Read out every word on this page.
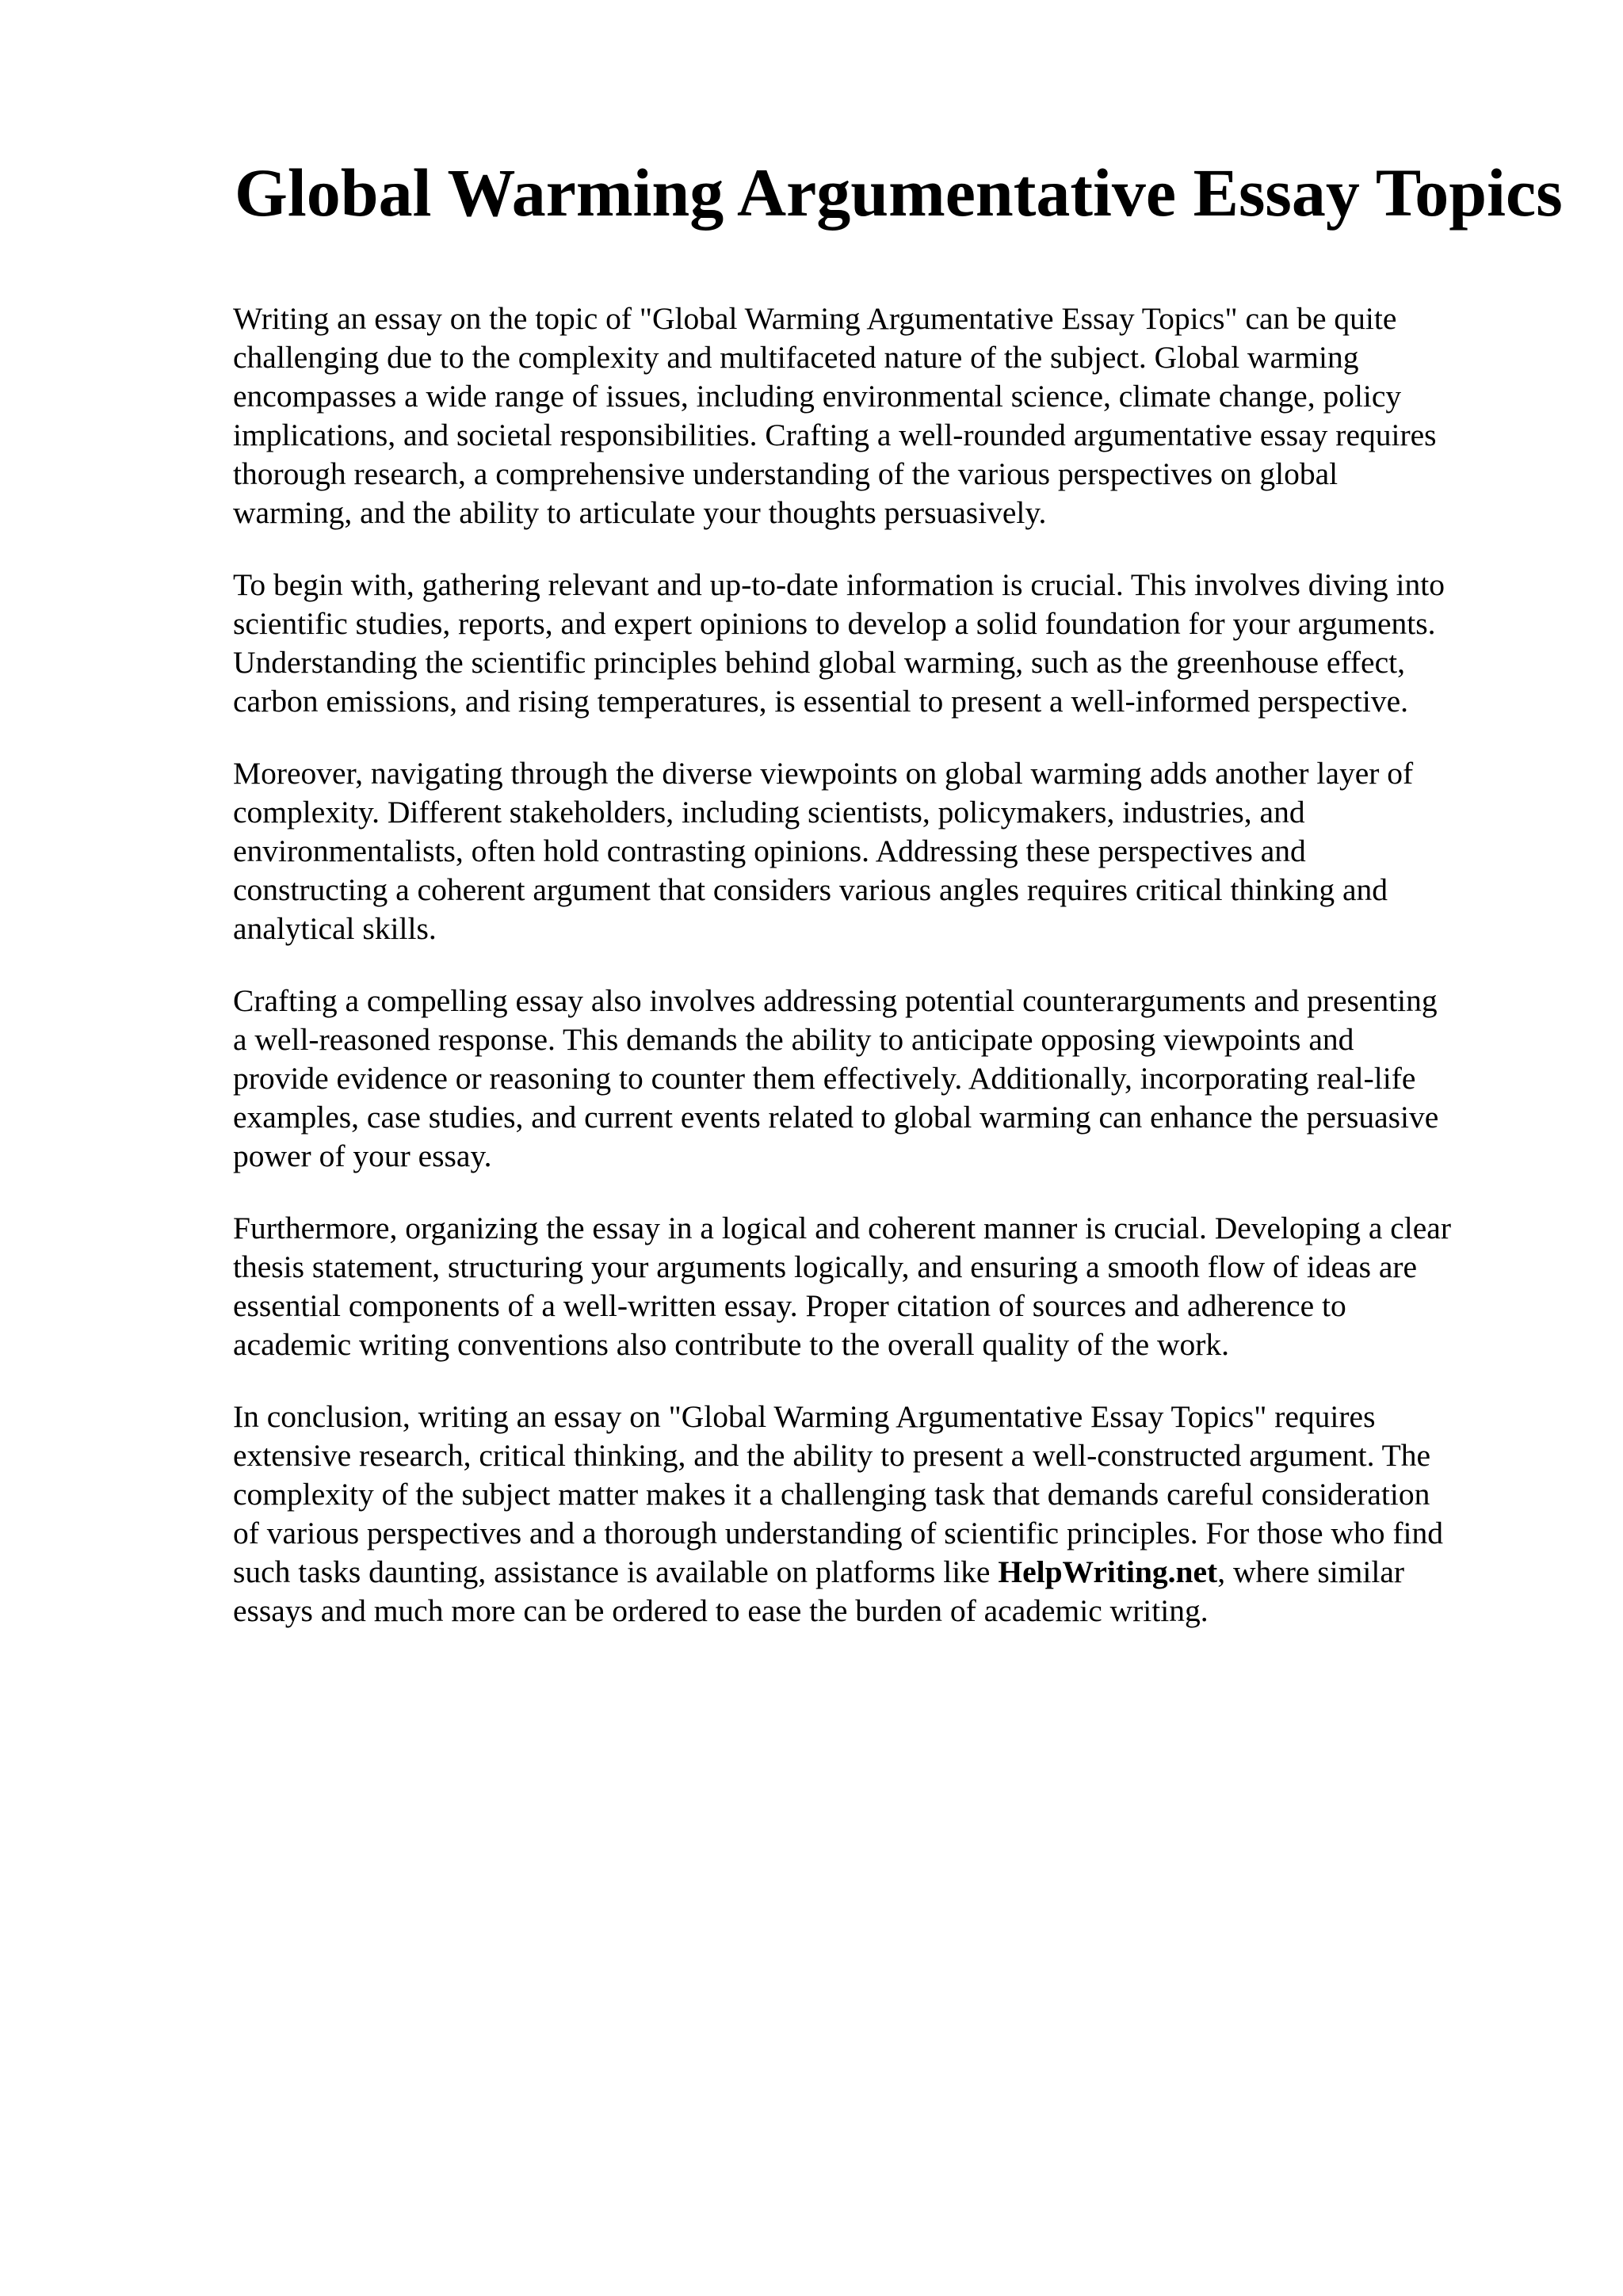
Global Warming Argumentative Essay Topics

Writing an essay on the topic of "Global Warming Argumentative Essay Topics" can be quite
challenging due to the complexity and multifaceted nature of the subject. Global warming
encompasses a wide range of issues, including environmental science, climate change, policy
implications, and societal responsibilities. Crafting a well-rounded argumentative essay requires
thorough research, a comprehensive understanding of the various perspectives on global
warming, and the ability to articulate your thoughts persuasively.

To begin with, gathering relevant and up-to-date information is crucial. This involves diving into
scientific studies, reports, and expert opinions to develop a solid foundation for your arguments.
Understanding the scientific principles behind global warming, such as the greenhouse effect,
carbon emissions, and rising temperatures, is essential to present a well-informed perspective.

Moreover, navigating through the diverse viewpoints on global warming adds another layer of
complexity. Different stakeholders, including scientists, policymakers, industries, and
environmentalists, often hold contrasting opinions. Addressing these perspectives and
constructing a coherent argument that considers various angles requires critical thinking and
analytical skills.

Crafting a compelling essay also involves addressing potential counterarguments and presenting
a well-reasoned response. This demands the ability to anticipate opposing viewpoints and
provide evidence or reasoning to counter them effectively. Additionally, incorporating real-life
examples, case studies, and current events related to global warming can enhance the persuasive
power of your essay.

Furthermore, organizing the essay in a logical and coherent manner is crucial. Developing a clear
thesis statement, structuring your arguments logically, and ensuring a smooth flow of ideas are
essential components of a well-written essay. Proper citation of sources and adherence to
academic writing conventions also contribute to the overall quality of the work.

In conclusion, writing an essay on "Global Warming Argumentative Essay Topics" requires
extensive research, critical thinking, and the ability to present a well-constructed argument. The
complexity of the subject matter makes it a challenging task that demands careful consideration
of various perspectives and a thorough understanding of scientific principles. For those who find
such tasks daunting, assistance is available on platforms like HelpWriting.net, where similar
essays and much more can be ordered to ease the burden of academic writing.
